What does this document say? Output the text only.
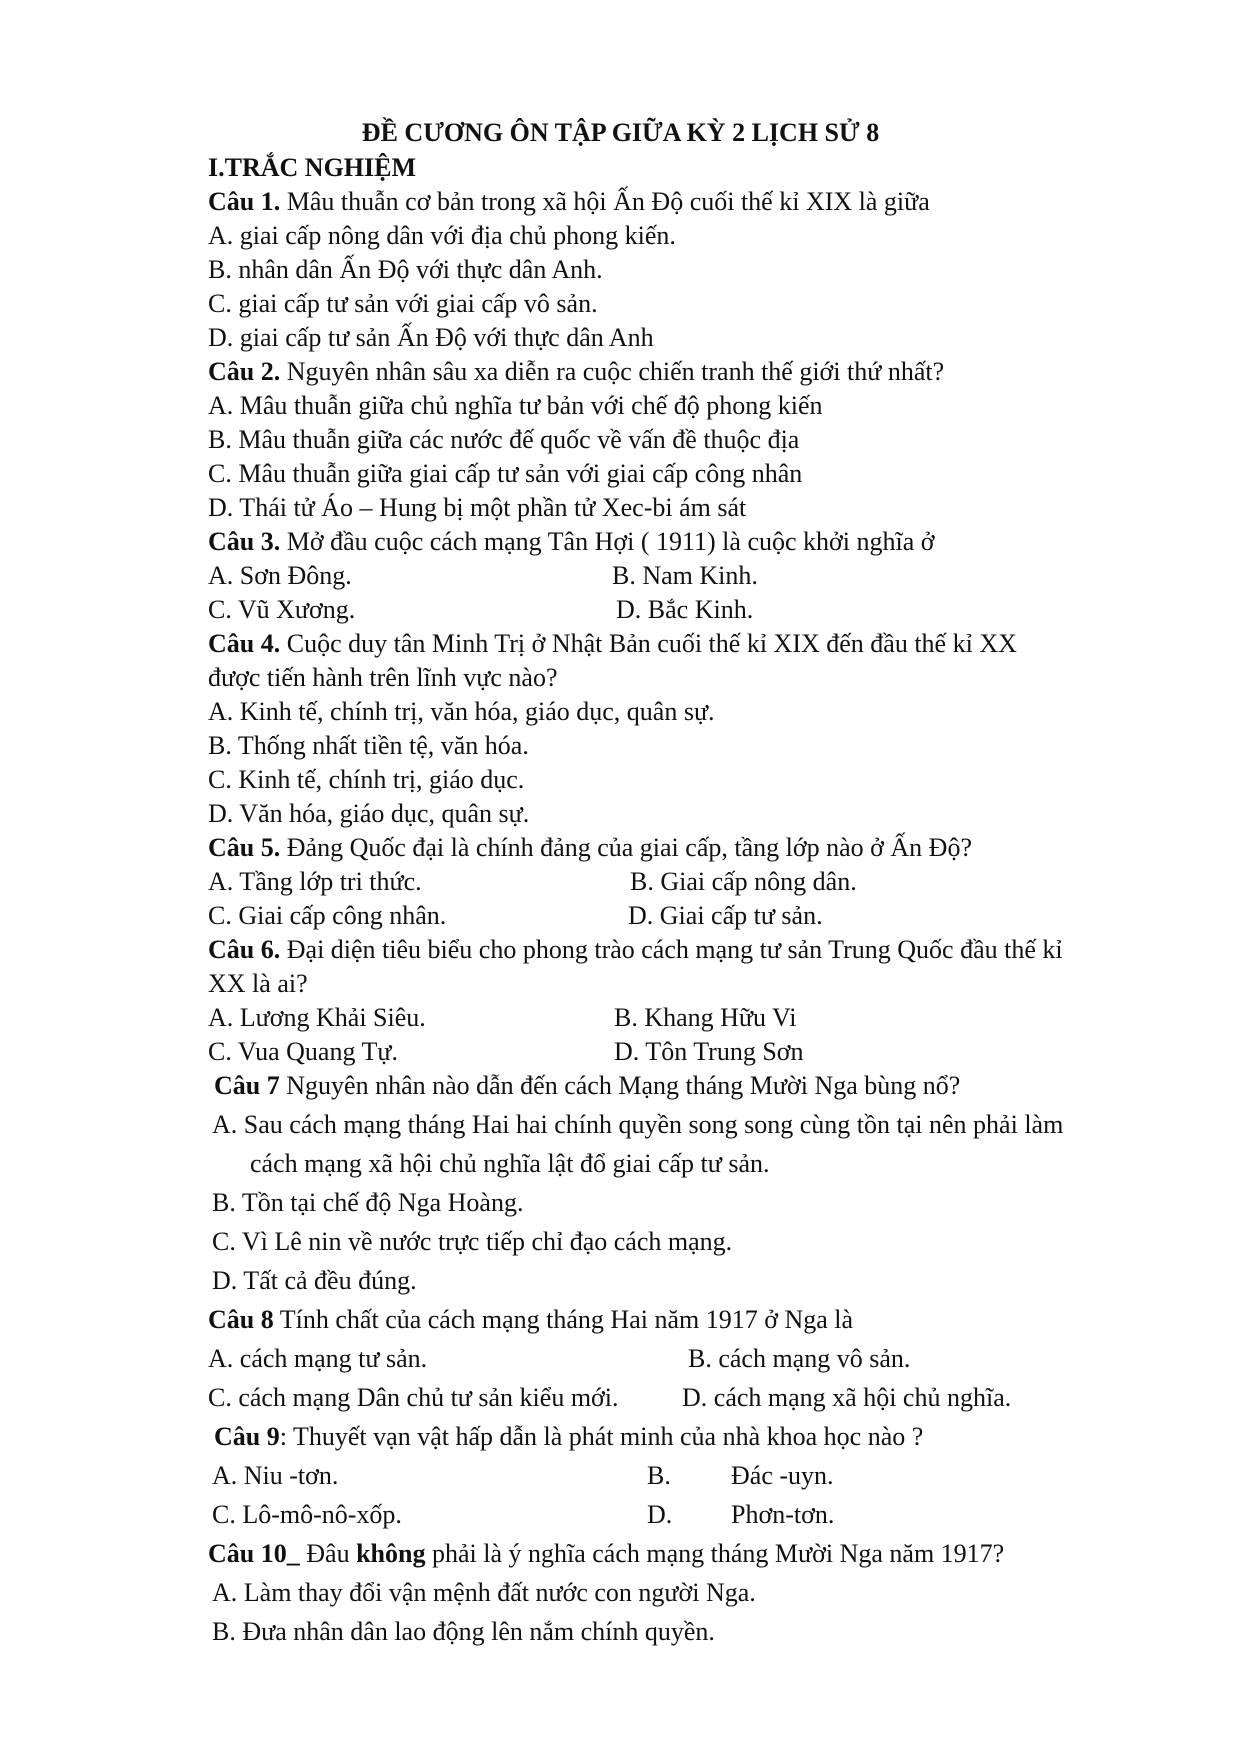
ĐỀ CƯƠNG ÔN TẬP GIỮA KỲ 2 LỊCH SỬ 8
I.TRẮC NGHIỆM
Câu 1. Mâu thuẫn cơ bản trong xã hội Ấn Độ cuối thế kỉ XIX là giữa
A. giai cấp nông dân với địa chủ phong kiến.
B. nhân dân Ấn Độ với thực dân Anh.
C. giai cấp tư sản với giai cấp vô sản.
D. giai cấp tư sản Ấn Độ với thực dân Anh
Câu 2. Nguyên nhân sâu xa diễn ra cuộc chiến tranh thế giới thứ nhất?
A. Mâu thuẫn giữa chủ nghĩa tư bản với chế độ phong kiến
B. Mâu thuẫn giữa các nước đế quốc về vấn đề thuộc địa
C. Mâu thuẫn giữa giai cấp tư sản với giai cấp công nhân
D. Thái tử Áo – Hung bị một phần tử Xec-bi ám sát
Câu 3. Mở đầu cuộc cách mạng Tân Hợi ( 1911) là cuộc khởi nghĩa ở
A. Sơn Đông.	B. Nam Kinh.
C. Vũ Xương.	D. Bắc Kinh.
Câu 4. Cuộc duy tân Minh Trị ở Nhật Bản cuối thế kỉ XIX đến đầu thế kỉ XX
được tiến hành trên lĩnh vực nào?
A. Kinh tế, chính trị, văn hóa, giáo dục, quân sự.
B. Thống nhất tiền tệ, văn hóa.
C. Kinh tế, chính trị, giáo dục.
D. Văn hóa, giáo dục, quân sự.
Câu 5. Đảng Quốc đại là chính đảng của giai cấp, tầng lớp nào ở Ấn Độ?
A. Tầng lớp tri thức.	B. Giai cấp nông dân.
C. Giai cấp công nhân.	D. Giai cấp tư sản.
Câu 6. Đại diện tiêu biểu cho phong trào cách mạng tư sản Trung Quốc đầu thế kỉ
XX là ai?
A. Lương Khải Siêu.	B. Khang Hữu Vi
C. Vua Quang Tự.	D. Tôn Trung Sơn
Câu 7 Nguyên nhân nào dẫn đến cách Mạng tháng Mười Nga bùng nổ?
A. Sau cách mạng tháng Hai hai chính quyền song song cùng tồn tại nên phải làm
cách mạng xã hội chủ nghĩa lật đổ giai cấp tư sản.
B. Tồn tại chế độ Nga Hoàng.
C. Vì Lê nin về nước trực tiếp chỉ đạo cách mạng.
D. Tất cả đều đúng.
Câu 8 Tính chất của cách mạng tháng Hai năm 1917 ở Nga là
A. cách mạng tư sản.	B. cách mạng vô sản.
C. cách mạng Dân chủ tư sản kiểu mới. D. cách mạng xã hội chủ nghĩa.
Câu 9: Thuyết vạn vật hấp dẫn là phát minh của nhà khoa học nào ?
A. Niu -tơn.	B. Đác -uyn.
C. Lô-mô-nô-xốp.	D. Phơn-tơn.
Câu 10_ Đâu không phải là ý nghĩa cách mạng tháng Mười Nga năm 1917?
A. Làm thay đổi vận mệnh đất nước con người Nga.
B. Đưa nhân dân lao động lên nắm chính quyền.
